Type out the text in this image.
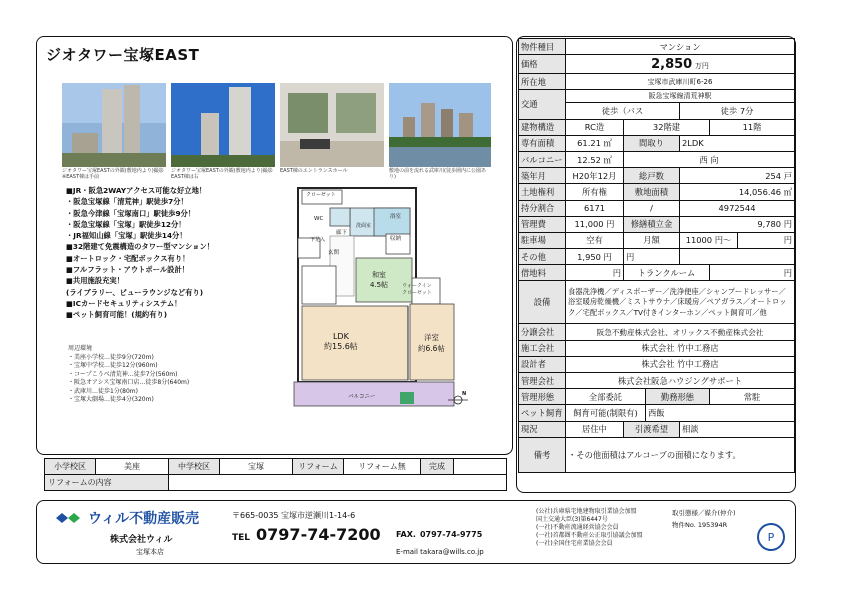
ジオタワー宝塚EAST
ジオタワー宝塚EASTの外観(敷地内より)撮影 ※EAST棟は手前
ジオタワー宝塚EASTの外観(敷地内より)撮影 EAST棟は右
EAST棟のエントランスホール	敷地の前を流れる武庫川(徒歩圏内に公園あり)
■JR・阪急2WAYアクセス可能な好立地！
・阪急宝塚線「清荒神」駅徒歩7分！
・阪急今津線「宝塚南口」駅徒歩9分！
・阪急宝塚線「宝塚」駅徒歩12分！
・JR福知山線「宝塚」駅徒歩14分！
■32階建て免震構造のタワー型マンション！
■オートロック・宅配ボックス有り！
■フルフラット・アウトポール設計！
■共用施設充実！
(ライブラリー、ビューラウンジなど有り)
■ICカードセキュリティシステム！
■ペット飼育可能！(規約有り)
周辺環境
・美座小学校…徒歩9分(720m)
・宝塚中学校…徒歩12分(960m)
・コープこうべ清荒神…徒歩7分(560m)
・阪急オアシス宝塚南口店…徒歩8分(640m)
・武庫川…徒歩1分(80m)
・宝塚大劇場…徒歩4分(320m)
クローゼット
WC
洗面室
浴室
下足入
廊下
収納
玄関
和室
4.5帖	ウォークイン
クローゼット
LDK
約15.6帖
洋室
約6.6帖
バルコニー	N
小学校区	美座	中学校区	宝塚	リフォーム	リフォーム無	完成	
リフォームの内容							
物件種目	マンション					
価格	2,850 万円					
所在地	宝塚市武庫川町6-26					
交通	阪急宝塚線清荒神駅					
	徒歩（バス			徒歩 7分		
建物構造	RC造	32階建			11階	
専有面積	61.21 ㎡	間取り		2LDK		
バルコニー	12.52 ㎡	西 向				
築年月	H20年12月	総戸数		254 戸		
土地権利	所有権	敷地面積		14,056.46 ㎡		
持分割合	6171	/		4972544		
管理費	11,000 円	修繕積立金		9,780 円		
駐車場	空有	月額		11000 円〜		円
その他	1,950 円	円				
借地料	円	トランクルーム			円	
設備	食器洗浄機／ディスポーザー／洗浄便座／シャンプードレッサー／浴室暖房乾燥機／ミストサウナ／床暖房／ペアガラス／オートロック／宅配ボックス／TV付きインターホン／ペット飼育可／他					
分譲会社	阪急不動産株式会社、オリックス不動産株式会社					
施工会社	株式会社 竹中工務店					
設計者	株式会社 竹中工務店					
管理会社	株式会社阪急ハウジングサポート					
管理形態	全部委託		勤務形態		常駐	
ペット飼育	飼育可能(制限有)		西飯			
現況	居住中	引渡希望		相談		
備考	・その他面積はアルコーブの面積になります。					
ウィル不動産販売
株式会社ウィル
宝塚本店
〒665-0035 宝塚市逆瀬川1-14-6
TEL 0797-74-7200 FAX. 0797-74-9775
E-mail takara@wills.co.jp
(公社)兵庫県宅地建物取引業協会加盟
国土交通大臣(3)第6447号
(一社)不動産流通経営協会会員
(一社)首都圏不動産公正取引協議会加盟
(一社)全国住宅産業協会会員
取引態様／媒介(仲介)
物件No. 195394R
P
